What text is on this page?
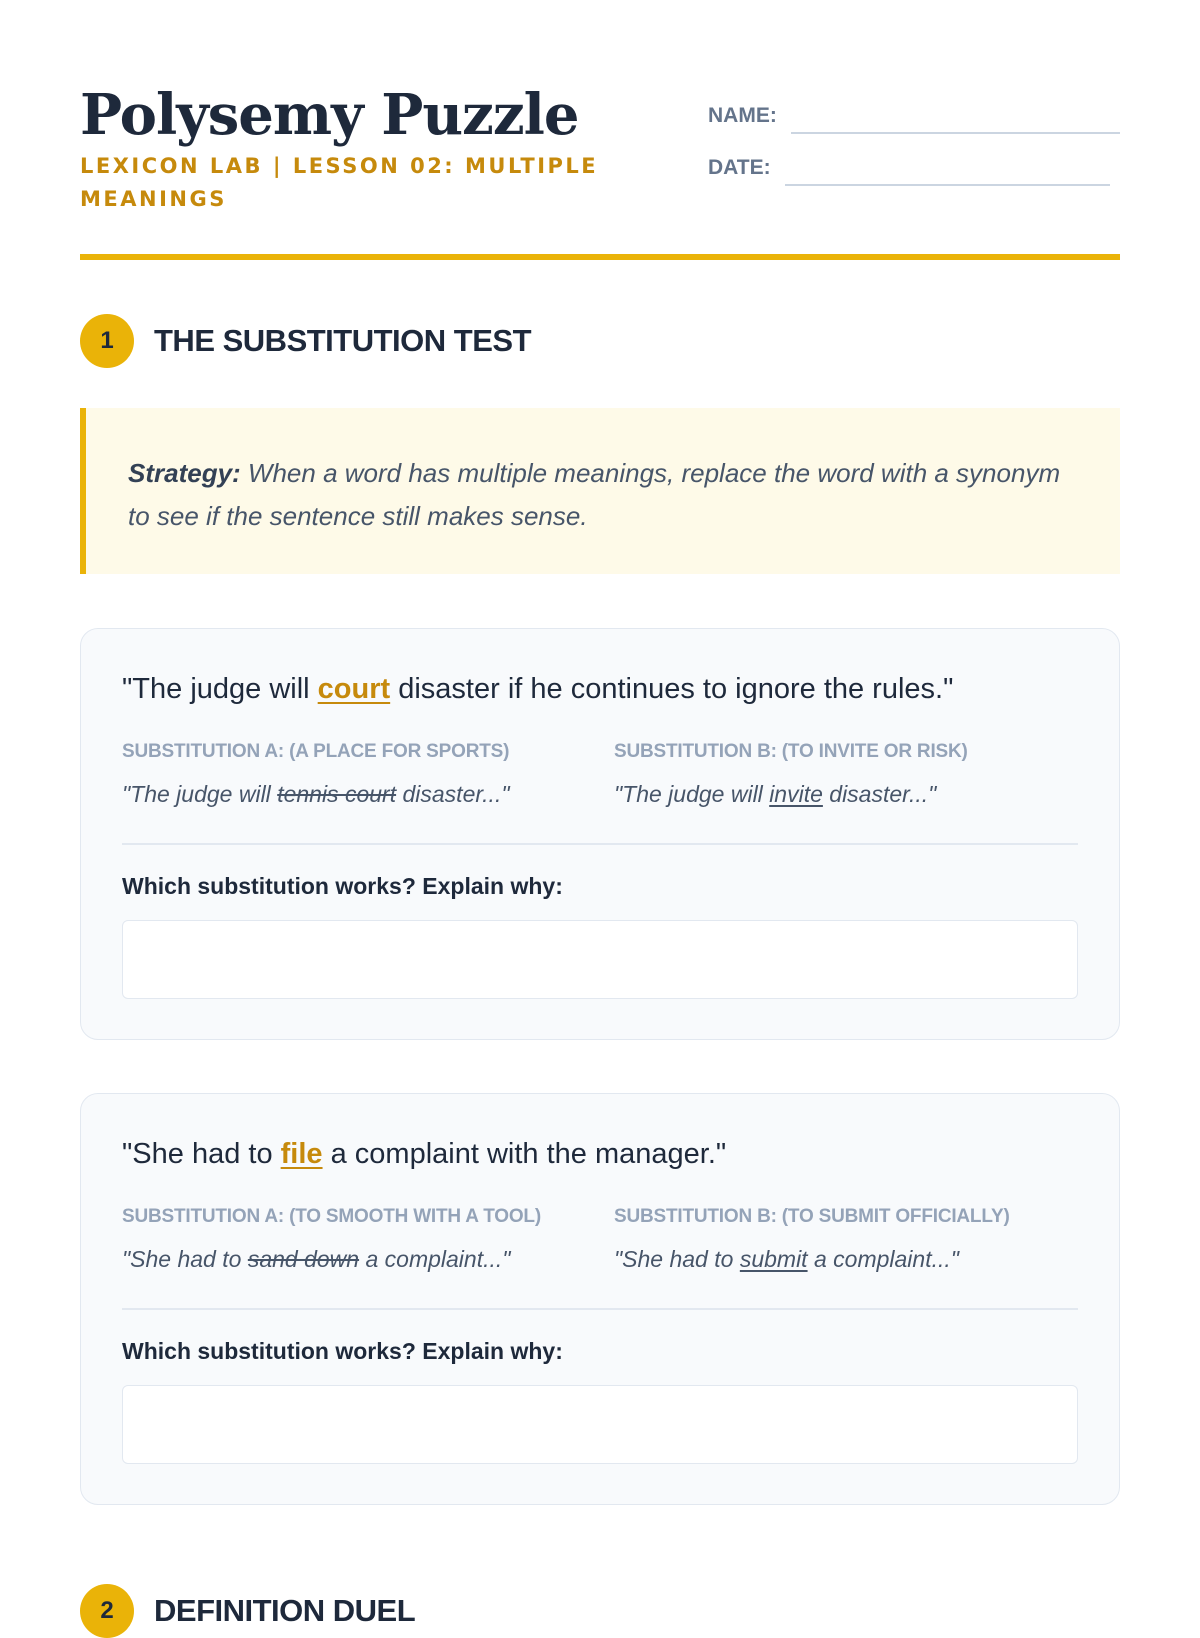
Polysemy Puzzle
LEXICON LAB | LESSON 02: MULTIPLE MEANINGS
NAME:
DATE:
1	THE SUBSTITUTION TEST

Strategy: When a word has multiple meanings, replace the word with a synonym to see if the sentence still makes sense.

"The judge will court disaster if he continues to ignore the rules."
SUBSTITUTION A: (A PLACE FOR SPORTS)
"The judge will tennis court disaster..."
SUBSTITUTION B: (TO INVITE OR RISK)
"The judge will invite disaster..."
Which substitution works? Explain why:
"She had to file a complaint with the manager."
SUBSTITUTION A: (TO SMOOTH WITH A TOOL)
"She had to sand down a complaint..."
SUBSTITUTION B: (TO SUBMIT OFFICIALLY)
"She had to submit a complaint..."
Which substitution works? Explain why:
2	DEFINITION DUEL
